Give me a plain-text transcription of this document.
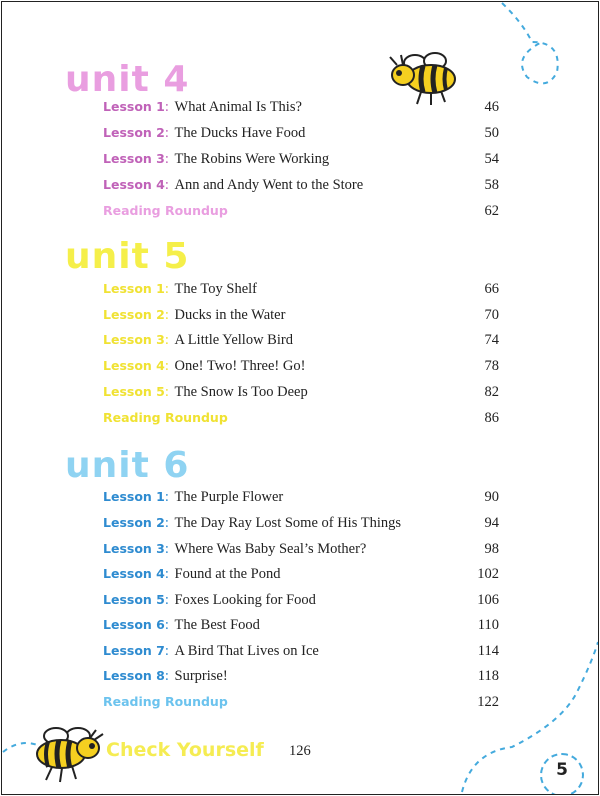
unit 4
Lesson 1: What Animal Is This?	46
Lesson 2: The Ducks Have Food	50
Lesson 3: The Robins Were Working	54
Lesson 4: Ann and Andy Went to the Store	58
Reading Roundup	62
unit 5
Lesson 1: The Toy Shelf	66
Lesson 2: Ducks in the Water	70
Lesson 3: A Little Yellow Bird	74
Lesson 4: One! Two! Three! Go!	78
Lesson 5: The Snow Is Too Deep	82
Reading Roundup	86
unit 6
Lesson 1: The Purple Flower	90
Lesson 2: The Day Ray Lost Some of His Things	94
Lesson 3: Where Was Baby Seal’s Mother?	98
Lesson 4: Found at the Pond	102
Lesson 5: Foxes Looking for Food	106
Lesson 6: The Best Food	110
Lesson 7: A Bird That Lives on Ice	114
Lesson 8: Surprise!	118
Reading Roundup	122
Check Yourself 126
5
